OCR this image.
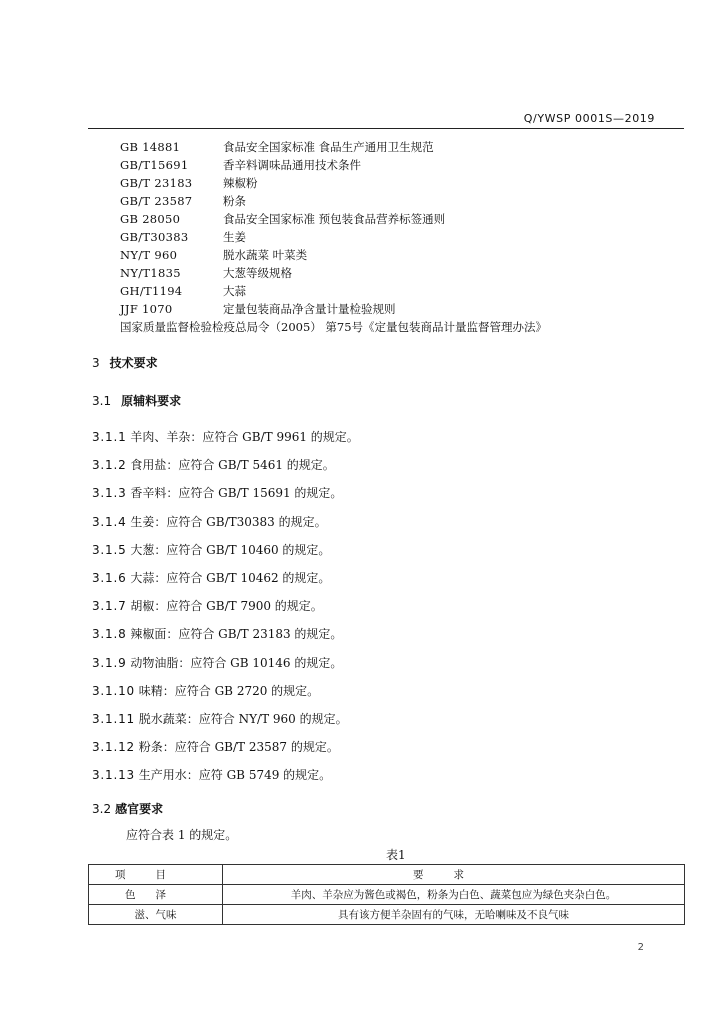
Q/YWSP 0001S—2019
GB 14881	食品安全国家标准 食品生产通用卫生规范
GB/T15691	香辛料调味品通用技术条件
GB/T 23183	辣椒粉
GB/T 23587	粉条
GB 28050	食品安全国家标准 预包装食品营养标签通则
GB/T30383	生姜
NY/T 960	脱水蔬菜 叶菜类
NY/T1835	大葱等级规格
GH/T1194	大蒜
JJF 1070	定量包装商品净含量计量检验规则
国家质量监督检验检疫总局令（2005） 第75号《定量包装商品计量监督管理办法》
3 技术要求
3.1 原辅料要求
3.1.1 羊肉、羊杂：应符合 GB/T 9961 的规定。
3.1.2 食用盐：应符合 GB/T 5461 的规定。
3.1.3 香辛料：应符合 GB/T 15691 的规定。
3.1.4 生姜：应符合 GB/T30383 的规定。
3.1.5 大葱：应符合 GB/T 10460 的规定。
3.1.6 大蒜：应符合 GB/T 10462 的规定。
3.1.7 胡椒：应符合 GB/T 7900 的规定。
3.1.8 辣椒面：应符合 GB/T 23183 的规定。
3.1.9 动物油脂：应符合 GB 10146 的规定。
3.1.10 味精：应符合 GB 2720 的规定。
3.1.11 脱水蔬菜：应符合 NY/T 960 的规定。
3.1.12 粉条：应符合 GB/T 23587 的规定。
3.1.13 生产用水：应符 GB 5749 的规定。
3.2 感官要求
应符合表 1 的规定。
表1
项目	要求
色泽	羊肉、羊杂应为酱色或褐色，粉条为白色、蔬菜包应为绿色夹杂白色。
滋、气味	具有该方便羊杂固有的气味，无哈喇味及不良气味
2
